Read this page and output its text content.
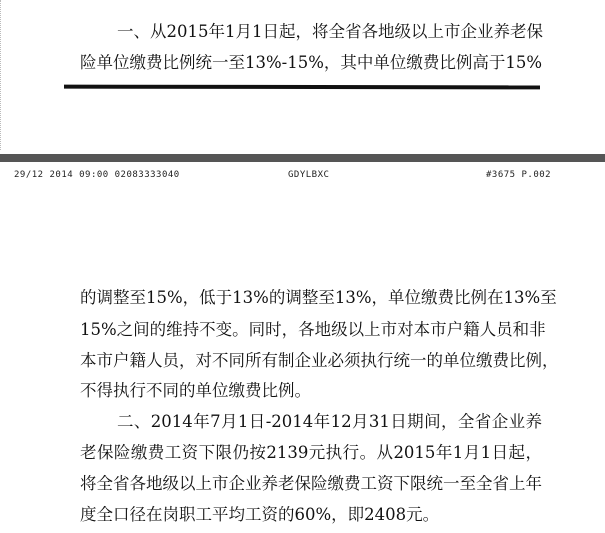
一、从2015年1月1日起，将全省各地级以上市企业养老保
险单位缴费比例统一至13%-15%，其中单位缴费比例高于15%
29/12 2014 09:00 02083333040	GDYLBXC	#3675 P.002
的调整至15%，低于13%的调整至13%，单位缴费比例在13%至
15%之间的维持不变。同时，各地级以上市对本市户籍人员和非
本市户籍人员，对不同所有制企业必须执行统一的单位缴费比例，
不得执行不同的单位缴费比例。
二、2014年7月1日-2014年12月31日期间，全省企业养
老保险缴费工资下限仍按2139元执行。从2015年1月1日起，
将全省各地级以上市企业养老保险缴费工资下限统一至全省上年
度全口径在岗职工平均工资的60%，即2408元。
